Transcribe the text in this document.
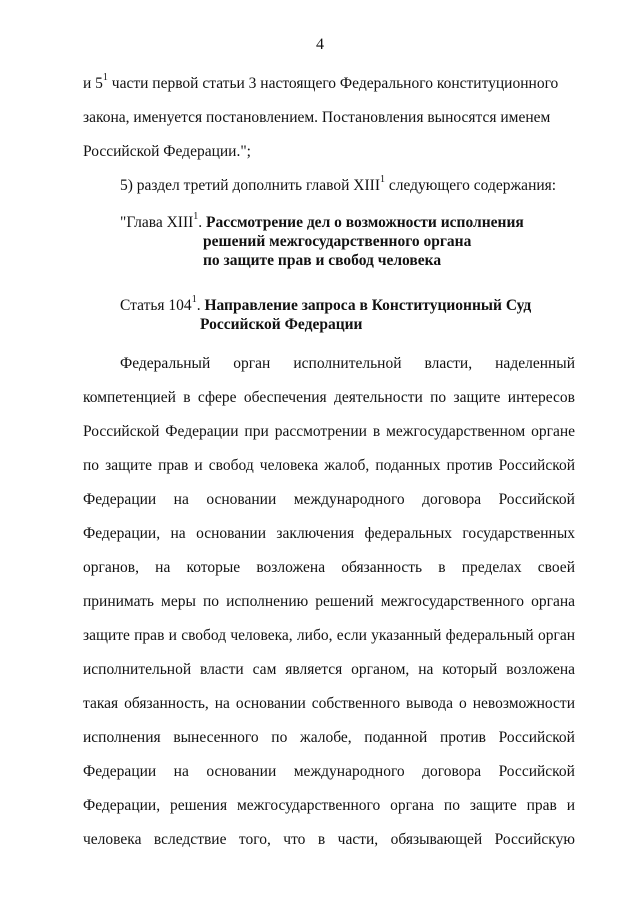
4
и $5^1$ части первой статьи 3 настоящего Федерального конституционного
закона, именуется постановлением. Постановления выносятся именем
Российской Федерации.";
5) раздел третий дополнить главой XIII$^1$ следующего содержания:
"Глава XIII$^1$. Рассмотрение дел о возможности исполнения
решений межгосударственного органа
по защите прав и свобод человека
Статья $104^1$. Направление запроса в Конституционный Суд
Российской Федерации
Федеральный орган исполнительной власти, наделенный
компетенцией в сфере обеспечения деятельности по защите интересов
Российской Федерации при рассмотрении в межгосударственном органе
по защите прав и свобод человека жалоб, поданных против Российской
Федерации на основании международного договора Российской
Федерации, на основании заключения федеральных государственных
органов, на которые возложена обязанность в пределах своей
принимать меры по исполнению решений межгосударственного органа
защите прав и свобод человека, либо, если указанный федеральный орган
исполнительной власти сам является органом, на который возложена
такая обязанность, на основании собственного вывода о невозможности
исполнения вынесенного по жалобе, поданной против Российской
Федерации на основании международного договора Российской
Федерации, решения межгосударственного органа по защите прав и
человека вследствие того, что в части, обязывающей Российскую
